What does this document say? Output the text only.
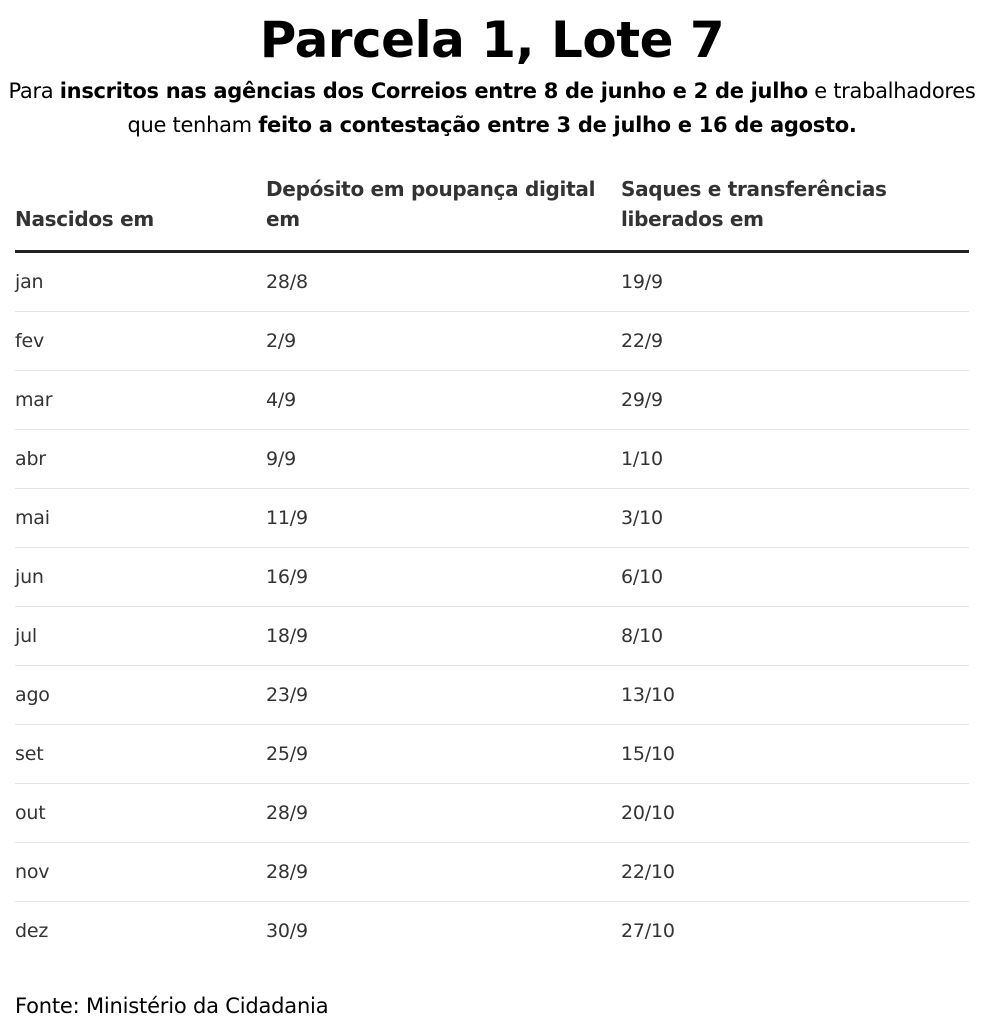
Parcela 1, Lote 7

Para inscritos nas agências dos Correios entre 8 de junho e 2 de julho e trabalhadores
que tenham feito a contestação entre 3 de julho e 16 de agosto.

Nascidos em
Depósito em poupança digital em
Saques e transferências liberados em
jan	28/8	19/9
fev	2/9	22/9
mar	4/9	29/9
abr	9/9	1/10
mai	11/9	3/10
jun	16/9	6/10
jul	18/9	8/10
ago	23/9	13/10
set	25/9	15/10
out	28/9	20/10
nov	28/9	22/10
dez	30/9	27/10
Fonte: Ministério da Cidadania
